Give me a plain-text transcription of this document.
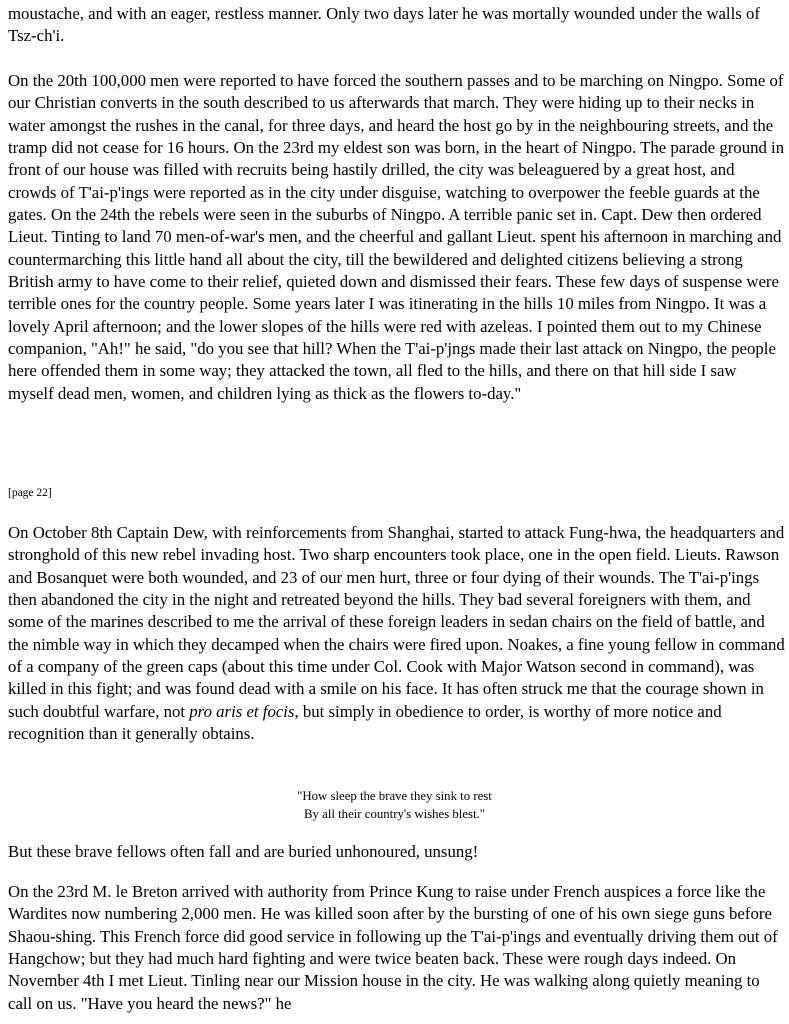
moustache, and with an eager, restless manner. Only two days later he was mortally wounded under the walls of Tsz-ch'i.

On the 20th 100,000 men were reported to have forced the southern passes and to be marching on Ningpo. Some of our Christian converts in the south described to us afterwards that march. They were hiding up to their necks in water amongst the rushes in the canal, for three days, and heard the host go by in the neighbouring streets, and the tramp did not cease for 16 hours. On the 23rd my eldest son was born, in the heart of Ningpo. The parade ground in front of our house was filled with recruits being hastily drilled, the city was beleaguered by a great host, and crowds of T'ai-p'ings were reported as in the city under disguise, watching to overpower the feeble guards at the gates. On the 24th the rebels were seen in the suburbs of Ningpo. A terrible panic set in. Capt. Dew then ordered Lieut. Tinting to land 70 men-of-war's men, and the cheerful and gallant Lieut. spent his afternoon in marching and countermarching this little hand all about the city, till the bewildered and delighted citizens believing a strong British army to have come to their relief, quieted down and dismissed their fears. These few days of suspense were terrible ones for the country people. Some years later I was itinerating in the hills 10 miles from Ningpo. It was a lovely April afternoon; and the lower slopes of the hills were red with azeleas. I pointed them out to my Chinese companion, "Ah!" he said, "do you see that hill? When the T'ai-p'jngs made their last attack on Ningpo, the people here offended them in some way; they attacked the town, all fled to the hills, and there on that hill side I saw myself dead men, women, and children lying as thick as the flowers to-day."

[page 22]

On October 8th Captain Dew, with reinforcements from Shanghai, started to attack Fung-hwa, the headquarters and stronghold of this new rebel invading host. Two sharp encounters took place, one in the open field. Lieuts. Rawson and Bosanquet were both wounded, and 23 of our men hurt, three or four dying of their wounds. The T'ai-p'ings then abandoned the city in the night and retreated beyond the hills. They bad several foreigners with them, and some of the marines described to me the arrival of these foreign leaders in sedan chairs on the field of battle, and the nimble way in which they decamped when the chairs were fired upon. Noakes, a fine young fellow in command of a company of the green caps (about this time under Col. Cook with Major Watson second in command), was killed in this fight; and was found dead with a smile on his face. It has often struck me that the courage shown in such doubtful warfare, not pro aris et focis, but simply in obedience to order, is worthy of more notice and recognition than it generally obtains.

"How sleep the brave they sink to rest
By all their country's wishes blest."

But these brave fellows often fall and are buried unhonoured, unsung!

On the 23rd M. le Breton arrived with authority from Prince Kung to raise under French auspices a force like the Wardites now numbering 2,000 men. He was killed soon after by the bursting of one of his own siege guns before Shaou-shing. This French force did good service in following up the T'ai-p'ings and eventually driving them out of Hangchow; but they had much hard fighting and were twice beaten back. These were rough days indeed. On November 4th I met Lieut. Tinling near our Mission house in the city. He was walking along quietly meaning to call on us. "Have you heard the news?" he
